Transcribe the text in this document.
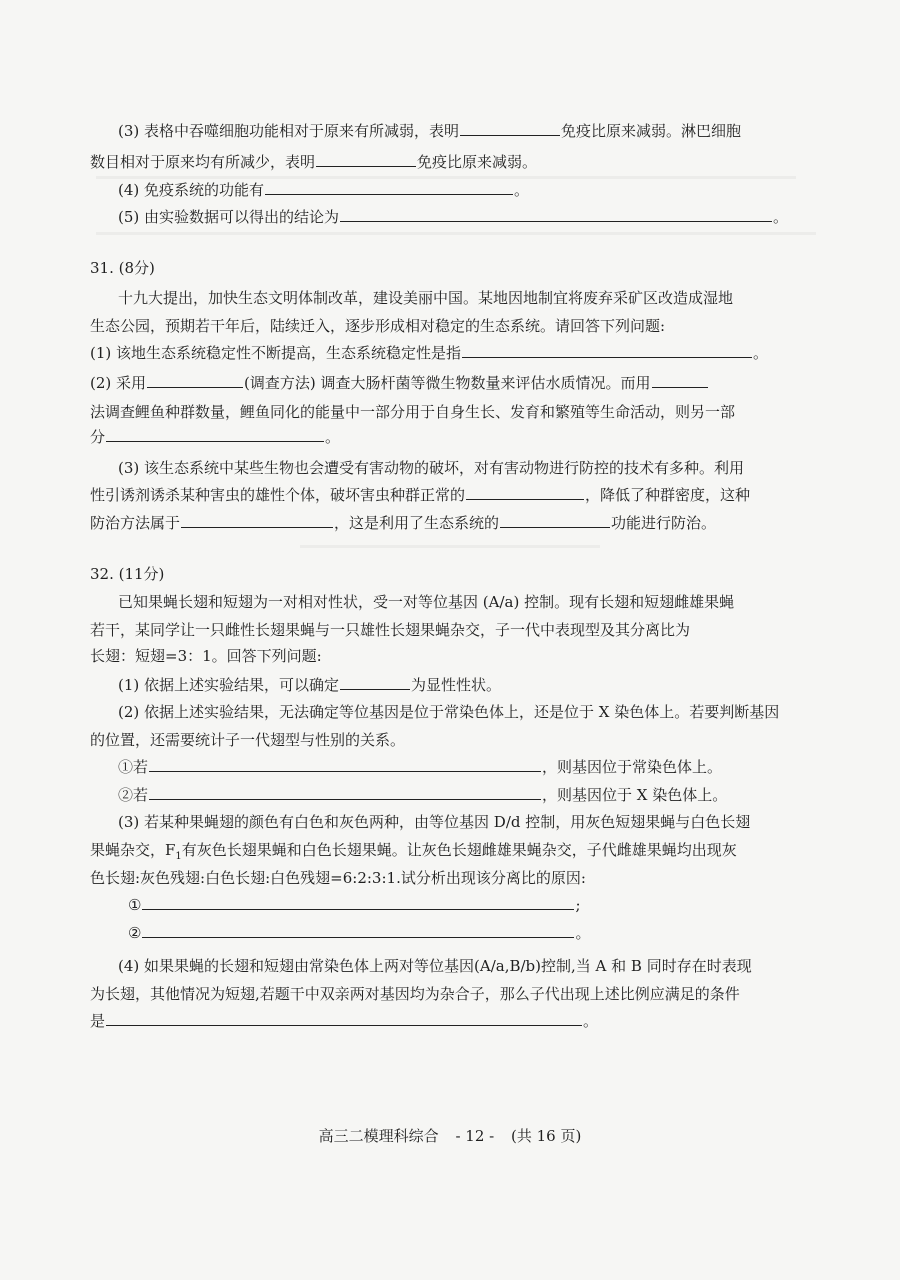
(3) 表格中吞噬细胞功能相对于原来有所减弱，表明	免疫比原来减弱。淋巴细胞
数目相对于原来均有所减少，表明	免疫比原来减弱。
(4) 免疫系统的功能有	。
(5) 由实验数据可以得出的结论为	。
31. (8分)
十九大提出，加快生态文明体制改革，建设美丽中国。某地因地制宜将废弃采矿区改造成湿地
生态公园，预期若干年后，陆续迁入，逐步形成相对稳定的生态系统。请回答下列问题:
(1) 该地生态系统稳定性不断提高，生态系统稳定性是指	。
(2) 采用	(调查方法) 调查大肠杆菌等微生物数量来评估水质情况。而用
法调查鲤鱼种群数量，鲤鱼同化的能量中一部分用于自身生长、发育和繁殖等生命活动，则另一部
分	。
(3) 该生态系统中某些生物也会遭受有害动物的破坏，对有害动物进行防控的技术有多种。利用
性引诱剂诱杀某种害虫的雄性个体，破坏害虫种群正常的	，降低了种群密度，这种
防治方法属于	，这是利用了生态系统的	功能进行防治。
32. (11分)
已知果蝇长翅和短翅为一对相对性状，受一对等位基因 (A/a) 控制。现有长翅和短翅雌雄果蝇
若干，某同学让一只雌性长翅果蝇与一只雄性长翅果蝇杂交，子一代中表现型及其分离比为
长翅：短翅=3：1。回答下列问题:
(1) 依据上述实验结果，可以确定	为显性性状。
(2) 依据上述实验结果，无法确定等位基因是位于常染色体上，还是位于 X 染色体上。若要判断基因
的位置，还需要统计子一代翅型与性别的关系。
①若	，则基因位于常染色体上。
②若	，则基因位于 X 染色体上。
(3) 若某种果蝇翅的颜色有白色和灰色两种，由等位基因 D/d 控制，用灰色短翅果蝇与白色长翅
果蝇杂交，$F_1$有灰色长翅果蝇和白色长翅果蝇。让灰色长翅雌雄果蝇杂交，子代雌雄果蝇均出现灰
色长翅:灰色残翅:白色长翅:白色残翅=6:2:3:1.试分析出现该分离比的原因:
①	;
②	。
(4) 如果果蝇的长翅和短翅由常染色体上两对等位基因(A/a,B/b)控制,当 A 和 B 同时存在时表现
为长翅，其他情况为短翅,若题干中双亲两对基因均为杂合子，那么子代出现上述比例应满足的条件
是	。
高三二模理科综合 - 12 - (共 16 页)
